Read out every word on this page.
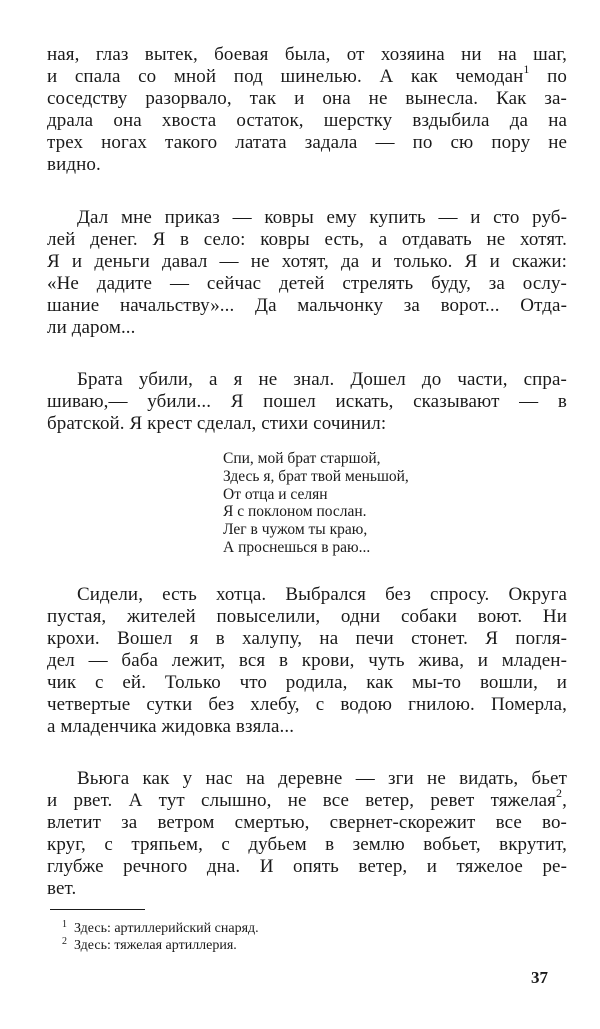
ная, глаз вытек, боевая была, от хозяина ни на шаг,
и спала со мной под шинелью. А как чемодан$^1$ по
соседству разорвало, так и она не вынесла. Как за-
драла она хвоста остаток, шерстку вздыбила да на
трех ногах такого латата задала — по сю пору не
видно.
Дал мне приказ — ковры ему купить — и сто руб-
лей денег. Я в село: ковры есть, а отдавать не хотят.
Я и деньги давал — не хотят, да и только. Я и скажи:
«Не дадите — сейчас детей стрелять буду, за ослу-
шание начальству»... Да мальчонку за ворот... Отда-
ли даром...
Брата убили, а я не знал. Дошел до части, спра-
шиваю,— убили... Я пошел искать, сказывают — в
братской. Я крест сделал, стихи сочинил:
Спи, мой брат старшой,
Здесь я, брат твой меньшой,
От отца и селян
Я с поклоном послан.
Лег в чужом ты краю,
А проснешься в раю...
Сидели, есть хотца. Выбрался без спросу. Округа
пустая, жителей повыселили, одни собаки воют. Ни
крохи. Вошел я в халупу, на печи стонет. Я погля-
дел — баба лежит, вся в крови, чуть жива, и младен-
чик с ей. Только что родила, как мы-то вошли, и
четвертые сутки без хлебу, с водою гнилою. Померла,
а младенчика жидовка взяла...
Вьюга как у нас на деревне — зги не видать, бьет
и рвет. А тут слышно, не все ветер, ревет тяжелая$^2$,
влетит за ветром смертью, свернет-скорежит все во-
круг, с тряпьем, с дубьем в землю вобьет, вкрутит,
глубже речного дна. И опять ветер, и тяжелое ре-
вет.
1 Здесь: артиллерийский снаряд.
2 Здесь: тяжелая артиллерия.
37
